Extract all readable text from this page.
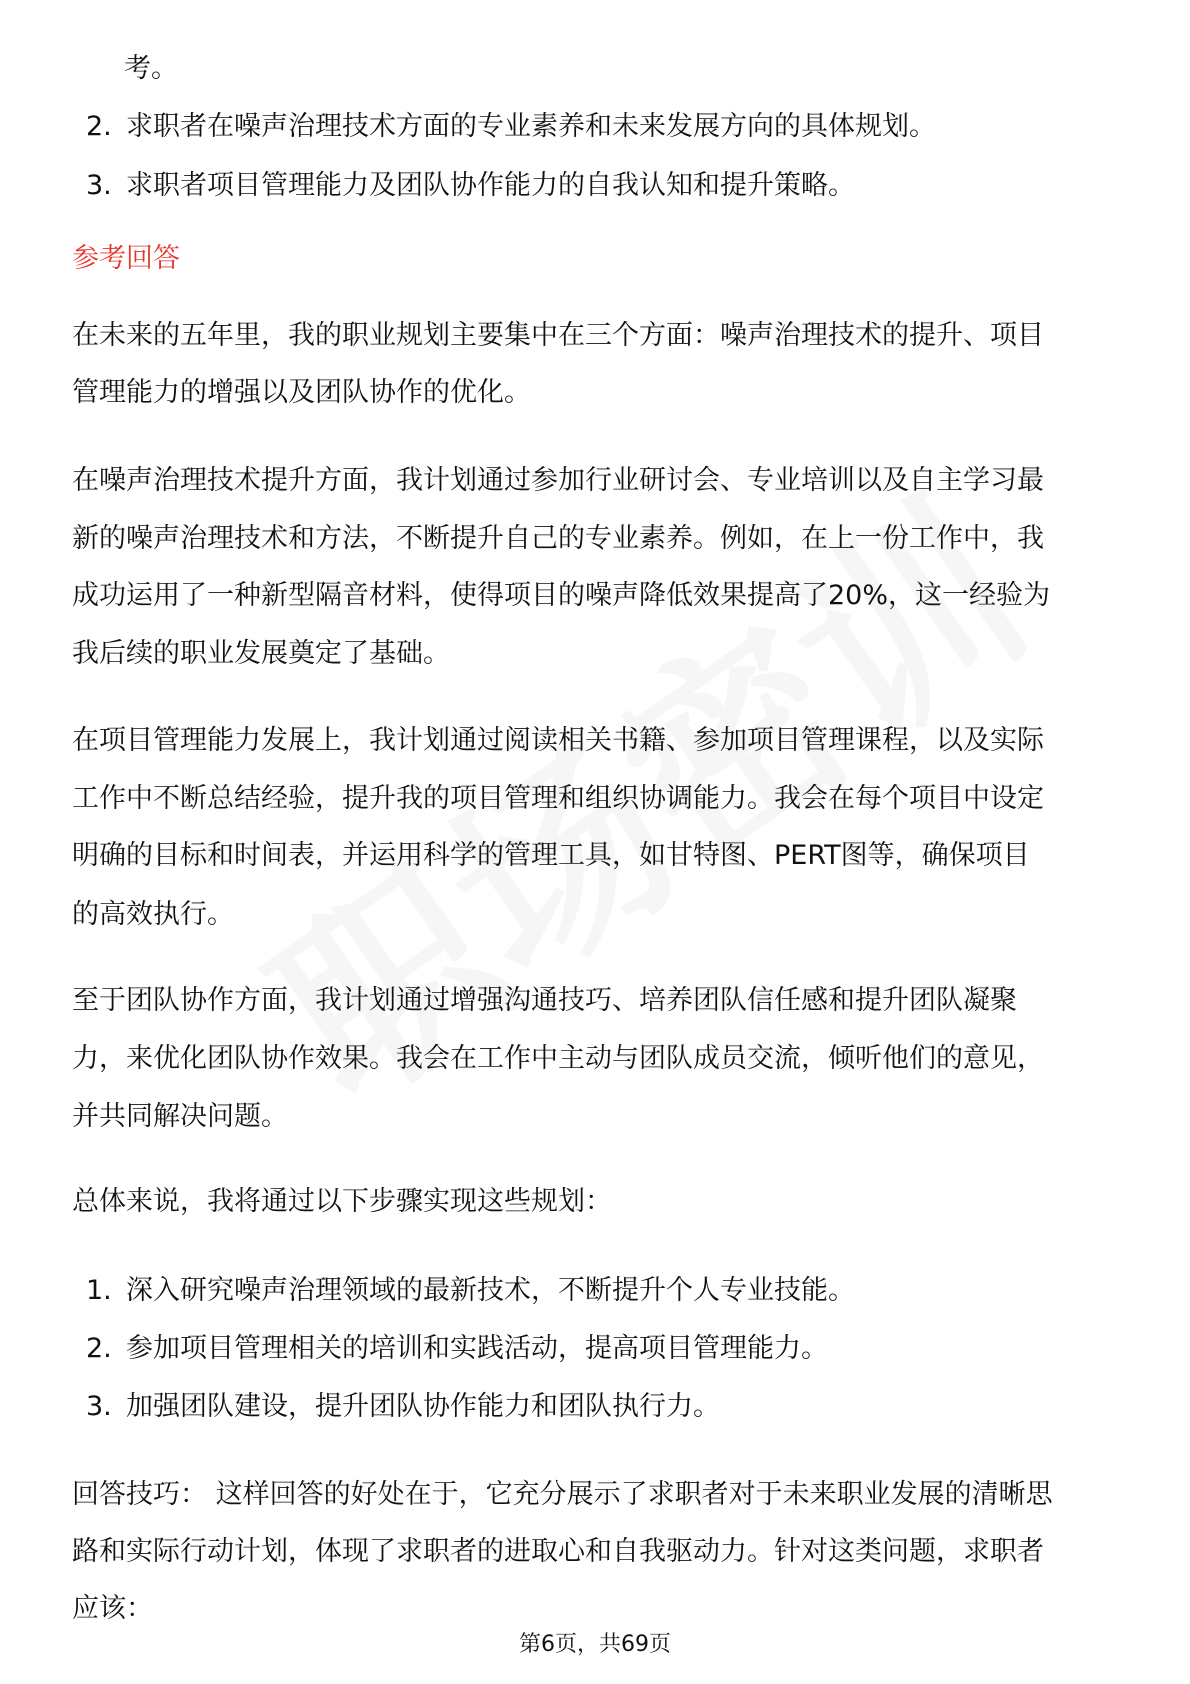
考。
2. 求职者在噪声治理技术方面的专业素养和未来发展方向的具体规划。
3. 求职者项目管理能力及团队协作能力的自我认知和提升策略。
参考回答
在未来的五年里，我的职业规划主要集中在三个方面：噪声治理技术的提升、项目
管理能力的增强以及团队协作的优化。
在噪声治理技术提升方面，我计划通过参加行业研讨会、专业培训以及自主学习最
新的噪声治理技术和方法，不断提升自己的专业素养。例如，在上一份工作中，我
成功运用了一种新型隔音材料，使得项目的噪声降低效果提高了20%，这一经验为
我后续的职业发展奠定了基础。
在项目管理能力发展上，我计划通过阅读相关书籍、参加项目管理课程，以及实际
工作中不断总结经验，提升我的项目管理和组织协调能力。我会在每个项目中设定
明确的目标和时间表，并运用科学的管理工具，如甘特图、PERT图等，确保项目
的高效执行。
至于团队协作方面，我计划通过增强沟通技巧、培养团队信任感和提升团队凝聚
力，来优化团队协作效果。我会在工作中主动与团队成员交流，倾听他们的意见，
并共同解决问题。
总体来说，我将通过以下步骤实现这些规划：
1. 深入研究噪声治理领域的最新技术，不断提升个人专业技能。
2. 参加项目管理相关的培训和实践活动，提高项目管理能力。
3. 加强团队建设，提升团队协作能力和团队执行力。
回答技巧： 这样回答的好处在于，它充分展示了求职者对于未来职业发展的清晰思
路和实际行动计划，体现了求职者的进取心和自我驱动力。针对这类问题，求职者
应该：
第6页，共69页
